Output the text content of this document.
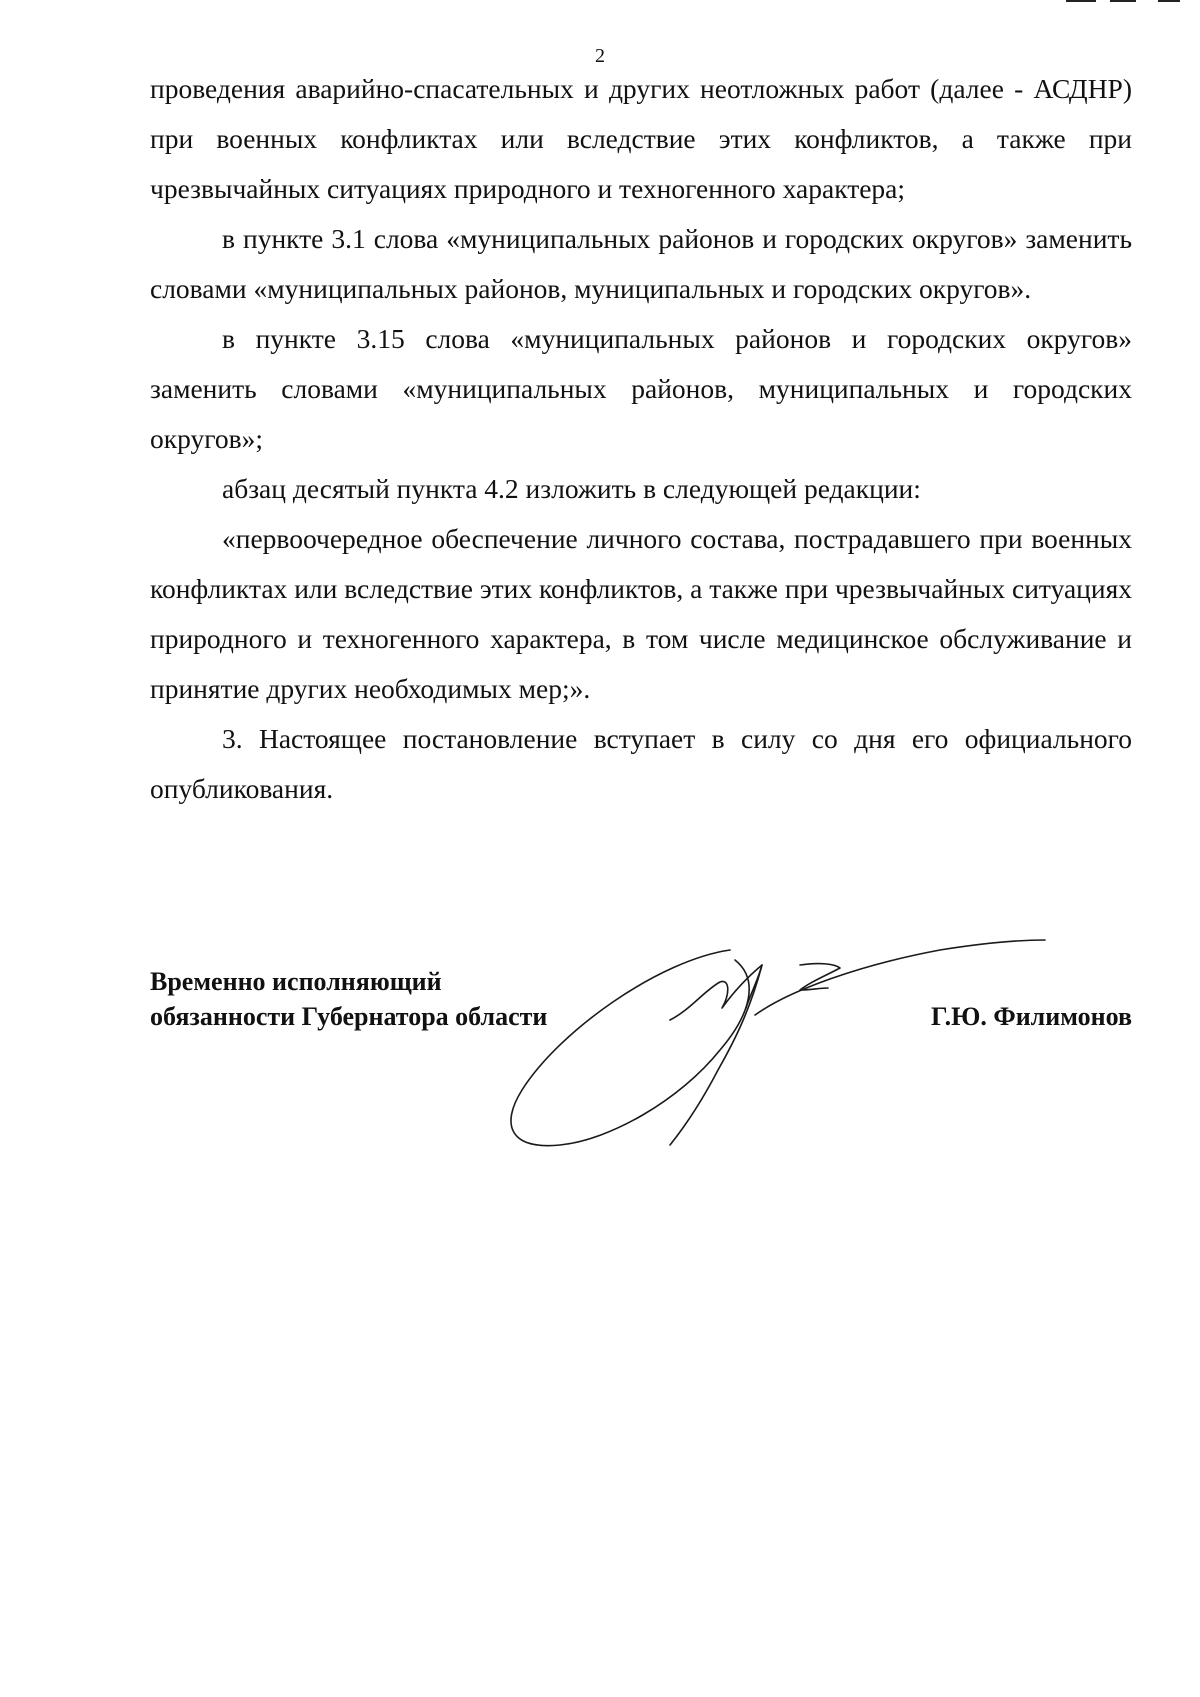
2

проведения аварийно-спасательных и других неотложных работ (далее - АСДНР) при военных конфликтах или вследствие этих конфликтов, а также при чрезвычайных ситуациях природного и техногенного характера;

в пункте 3.1 слова «муниципальных районов и городских округов» заменить словами «муниципальных районов, муниципальных и городских округов».

в пункте 3.15 слова «муниципальных районов и городских округов» заменить словами «муниципальных районов, муниципальных и городских округов»;

абзац десятый пункта 4.2 изложить в следующей редакции:

«первоочередное обеспечение личного состава, пострадавшего при военных конфликтах или вследствие этих конфликтов, а также при чрезвычайных ситуациях природного и техногенного характера, в том числе медицинское обслуживание и принятие других необходимых мер;».

3. Настоящее постановление вступает в силу со дня его официального опубликования.

Временно исполняющий
обязанности Губернатора области	Г.Ю. Филимонов
